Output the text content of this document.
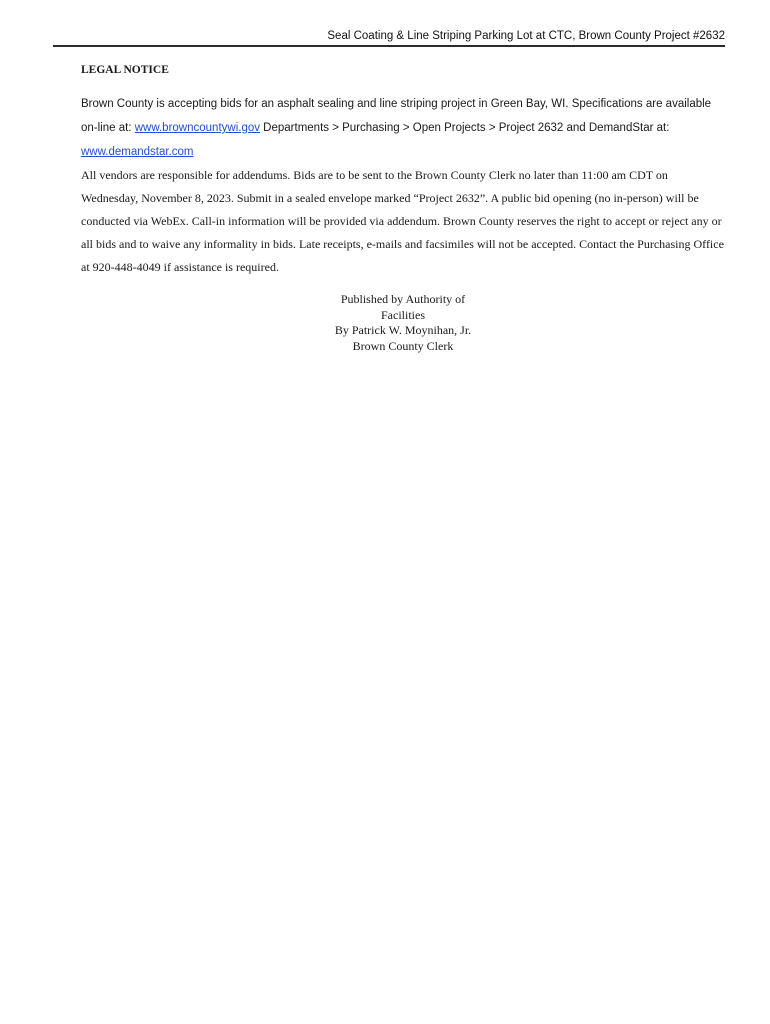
Seal Coating & Line Striping Parking Lot at CTC, Brown County Project #2632
LEGAL NOTICE

Brown County is accepting bids for an asphalt sealing and line striping project in Green Bay, WI. Specifications are available on-line at: www.browncountywi.gov Departments > Purchasing > Open Projects > Project 2632 and DemandStar at: www.demandstar.com

All vendors are responsible for addendums. Bids are to be sent to the Brown County Clerk no later than 11:00 am CDT on Wednesday, November 8, 2023. Submit in a sealed envelope marked “Project 2632”. A public bid opening (no in-person) will be conducted via WebEx. Call-in information will be provided via addendum. Brown County reserves the right to accept or reject any or all bids and to waive any informality in bids. Late receipts, e-mails and facsimiles will not be accepted. Contact the Purchasing Office at 920-448-4049 if assistance is required.

Published by Authority of
Facilities
By Patrick W. Moynihan, Jr.
Brown County Clerk
